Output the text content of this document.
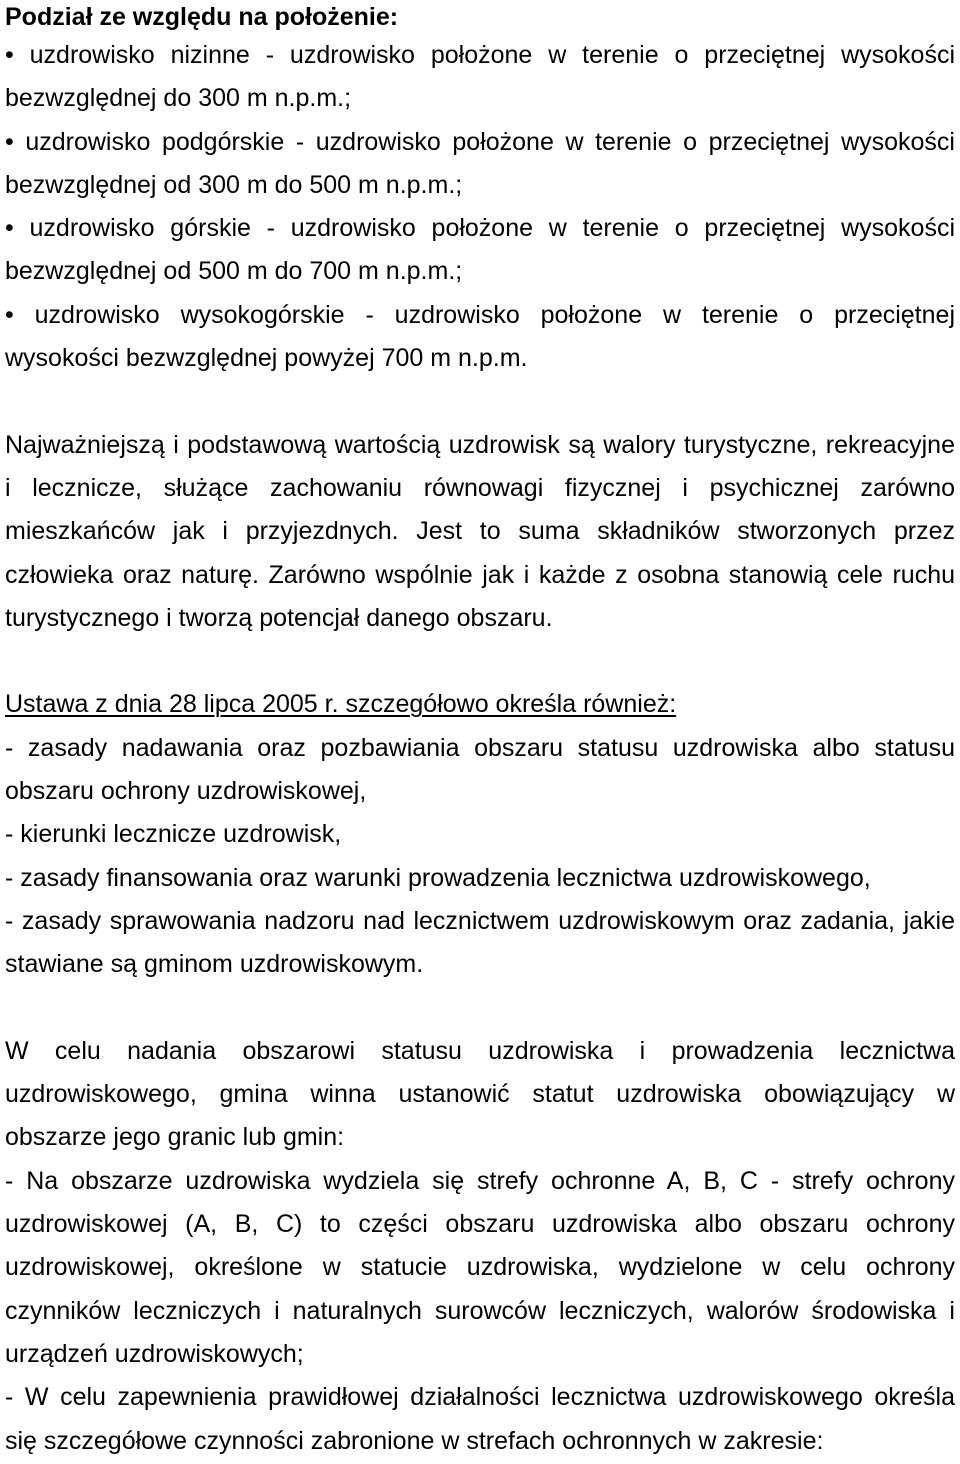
Podział ze względu na położenie:
• uzdrowisko nizinne - uzdrowisko położone w terenie o przeciętnej wysokości
bezwzględnej do 300 m n.p.m.;
• uzdrowisko podgórskie - uzdrowisko położone w terenie o przeciętnej wysokości
bezwzględnej od 300 m do 500 m n.p.m.;
• uzdrowisko górskie - uzdrowisko położone w terenie o przeciętnej wysokości
bezwzględnej od 500 m do 700 m n.p.m.;
• uzdrowisko wysokogórskie - uzdrowisko położone w terenie o przeciętnej
wysokości bezwzględnej powyżej 700 m n.p.m.
Najważniejszą i podstawową wartością uzdrowisk są walory turystyczne, rekreacyjne
i lecznicze, służące zachowaniu równowagi fizycznej i psychicznej zarówno
mieszkańców jak i przyjezdnych. Jest to suma składników stworzonych przez
człowieka oraz naturę. Zarówno wspólnie jak i każde z osobna stanowią cele ruchu
turystycznego i tworzą potencjał danego obszaru.
Ustawa z dnia 28 lipca 2005 r. szczegółowo określa również:
- zasady nadawania oraz pozbawiania obszaru statusu uzdrowiska albo statusu
obszaru ochrony uzdrowiskowej,
- kierunki lecznicze uzdrowisk,
- zasady finansowania oraz warunki prowadzenia lecznictwa uzdrowiskowego,
- zasady sprawowania nadzoru nad lecznictwem uzdrowiskowym oraz zadania, jakie
stawiane są gminom uzdrowiskowym.
W celu nadania obszarowi statusu uzdrowiska i prowadzenia lecznictwa
uzdrowiskowego, gmina winna ustanowić statut uzdrowiska obowiązujący w
obszarze jego granic lub gmin:
- Na obszarze uzdrowiska wydziela się strefy ochronne A, B, C - strefy ochrony
uzdrowiskowej (A, B, C) to części obszaru uzdrowiska albo obszaru ochrony
uzdrowiskowej, określone w statucie uzdrowiska, wydzielone w celu ochrony
czynników leczniczych i naturalnych surowców leczniczych, walorów środowiska i
urządzeń uzdrowiskowych;
- W celu zapewnienia prawidłowej działalności lecznictwa uzdrowiskowego określa
się szczegółowe czynności zabronione w strefach ochronnych w zakresie:
